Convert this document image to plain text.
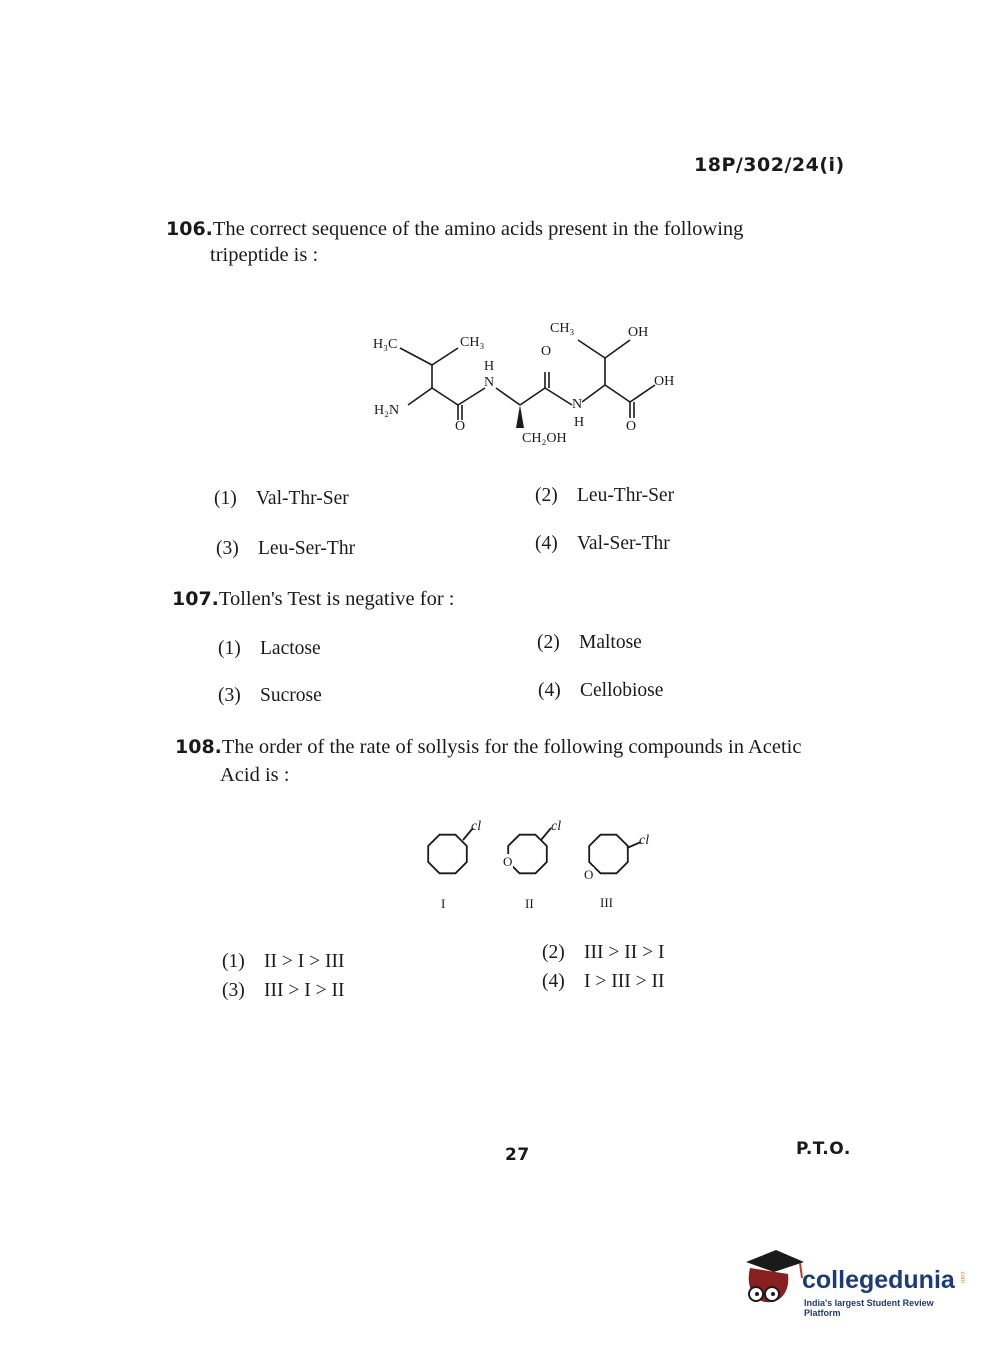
18P/302/24(i)
106.The correct sequence of the amino acids present in the following
tripeptide is :
H₃C	CH₃
H₂N
O
H
N
O
CH₃	OH
N
H
CH₂OH
OH
O
(1) Val-Thr-Ser	(2) Leu-Thr-Ser
(3) Leu-Ser-Thr	(4) Val-Ser-Thr
107.Tollen's Test is negative for :
(1) Lactose	(2) Maltose
(3) Sucrose	(4) Cellobiose
108.The order of the rate of sollysis for the following compounds in Acetic
Acid is :
cl	cl
cl
O
O
I	II	III
(1) II > I > III	(2) III > II > I
(3) III > I > II	(4) I > III > II
27	P.T.O.
collegedunia .com
India's largest Student Review Platform
